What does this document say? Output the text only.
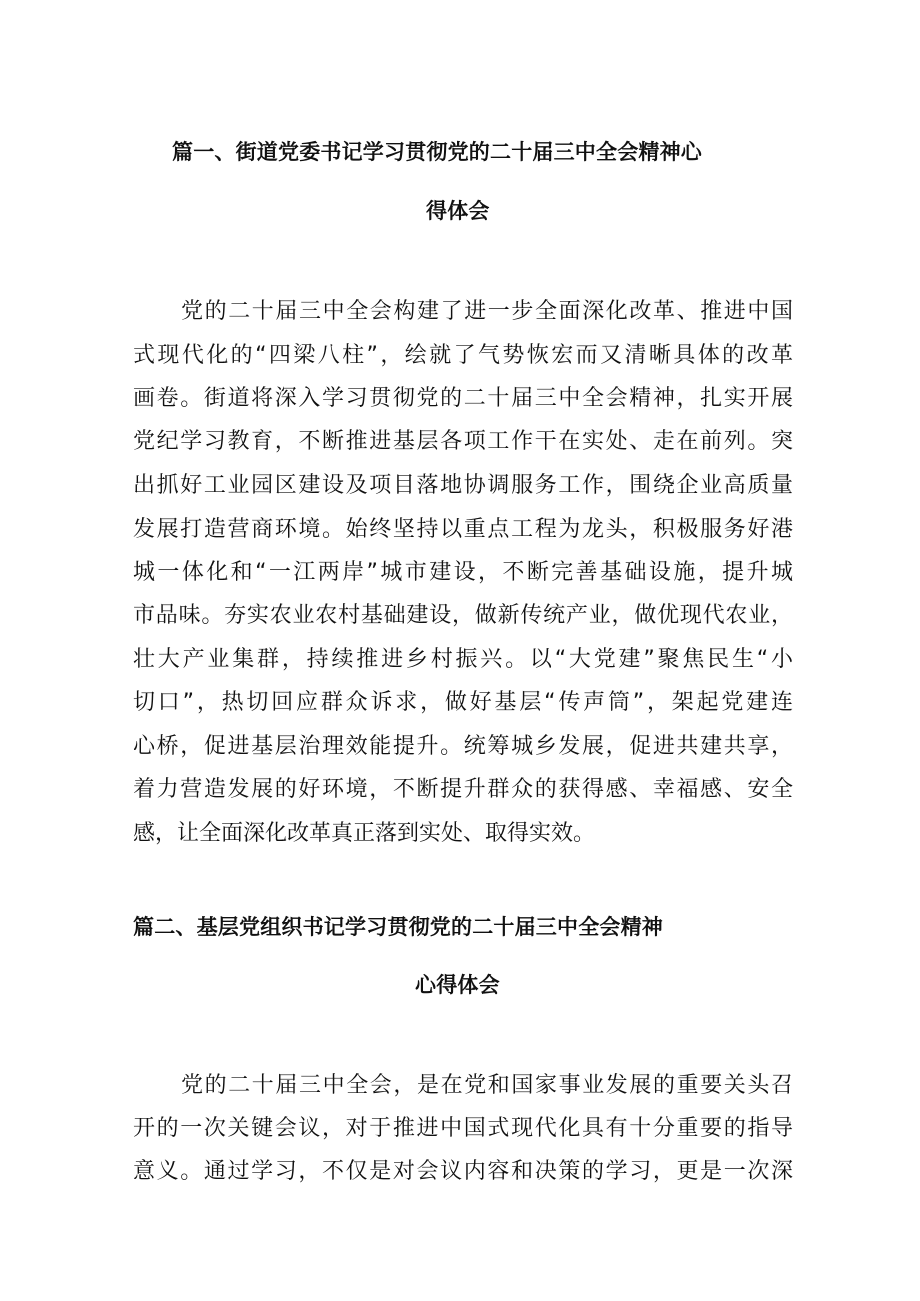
篇一、街道党委书记学习贯彻党的二十届三中全会精神心
得体会
党的二十届三中全会构建了进一步全面深化改革、推进中国
式现代化的“四梁八柱”，绘就了气势恢宏而又清晰具体的改革
画卷。街道将深入学习贯彻党的二十届三中全会精神，扎实开展
党纪学习教育，不断推进基层各项工作干在实处、走在前列。突
出抓好工业园区建设及项目落地协调服务工作，围绕企业高质量
发展打造营商环境。始终坚持以重点工程为龙头，积极服务好港
城一体化和“一江两岸”城市建设，不断完善基础设施，提升城
市品味。夯实农业农村基础建设，做新传统产业，做优现代农业，
壮大产业集群，持续推进乡村振兴。以“大党建”聚焦民生“小
切口”，热切回应群众诉求，做好基层“传声筒”，架起党建连
心桥，促进基层治理效能提升。统筹城乡发展，促进共建共享，
着力营造发展的好环境，不断提升群众的获得感、幸福感、安全
感，让全面深化改革真正落到实处、取得实效。
篇二、基层党组织书记学习贯彻党的二十届三中全会精神
心得体会
党的二十届三中全会，是在党和国家事业发展的重要关头召
开的一次关键会议，对于推进中国式现代化具有十分重要的指导
意义。通过学习，不仅是对会议内容和决策的学习，更是一次深
